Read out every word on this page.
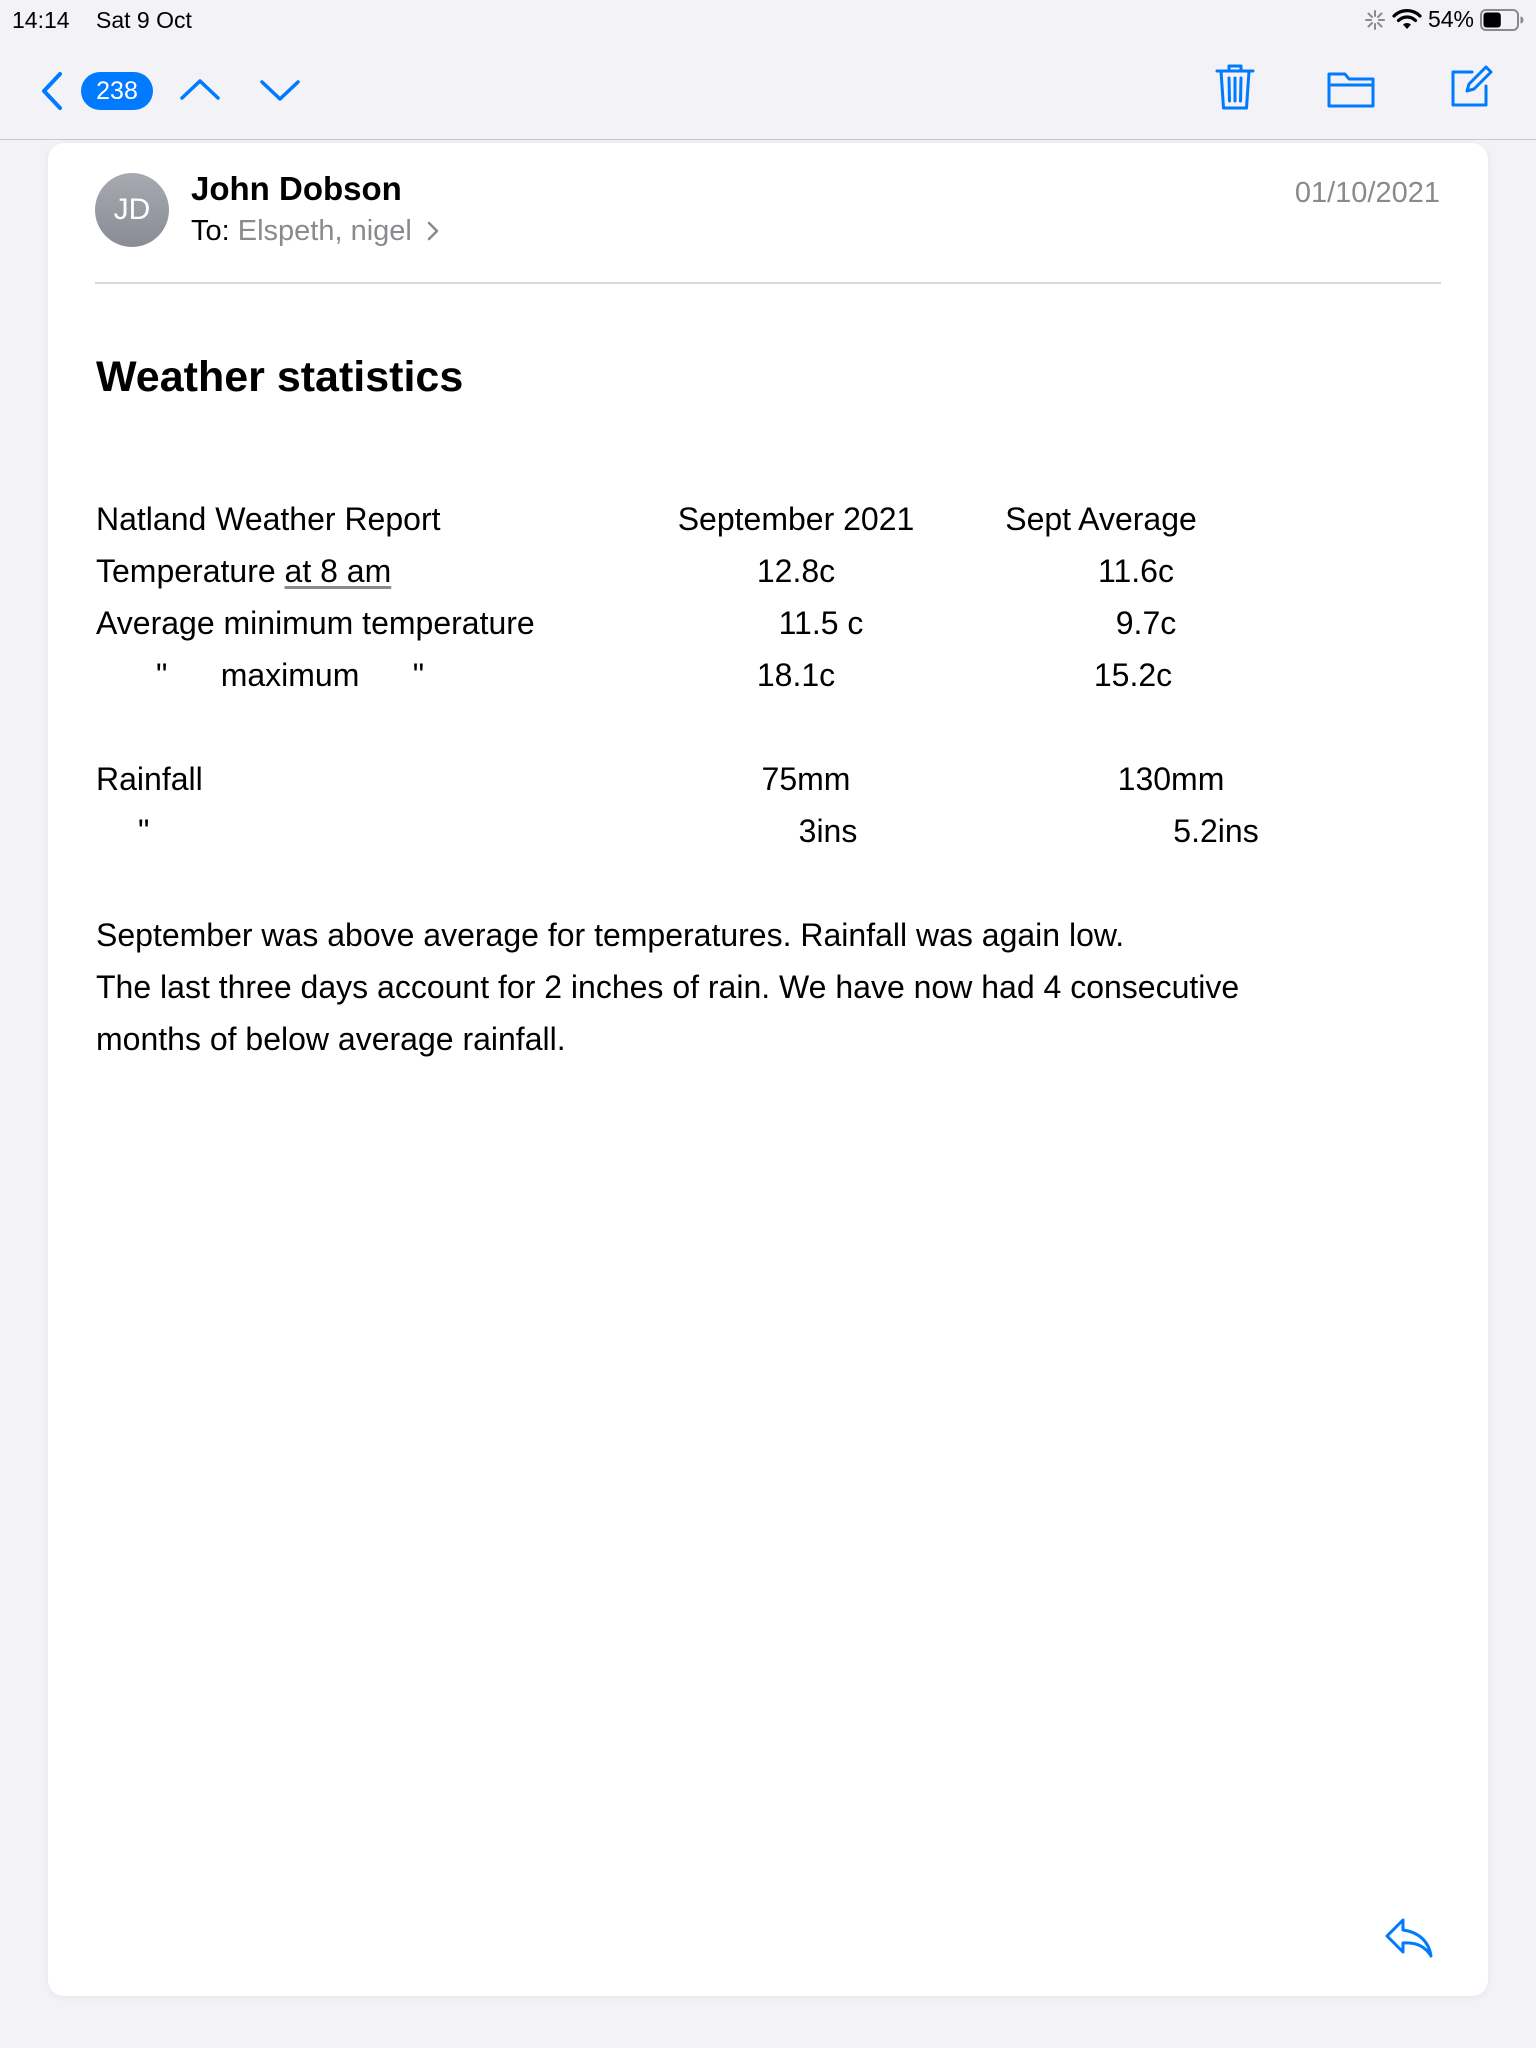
14:14 Sat 9 Oct	54%
238
JD
John Dobson
To: Elspeth, nigel
01/10/2021
Weather statistics
Natland Weather Report	September 2021	Sept Average
Temperature at 8 am	12.8c	11.6c
Average minimum temperature	11.5 c	9.7c
"      maximum      "	18.1c	15.2c
Rainfall	75mm	130mm
"	3ins	5.2ins
September was above average for temperatures. Rainfall was again low.
The last three days account for 2 inches of rain. We have now had 4 consecutive
months of below average rainfall.
